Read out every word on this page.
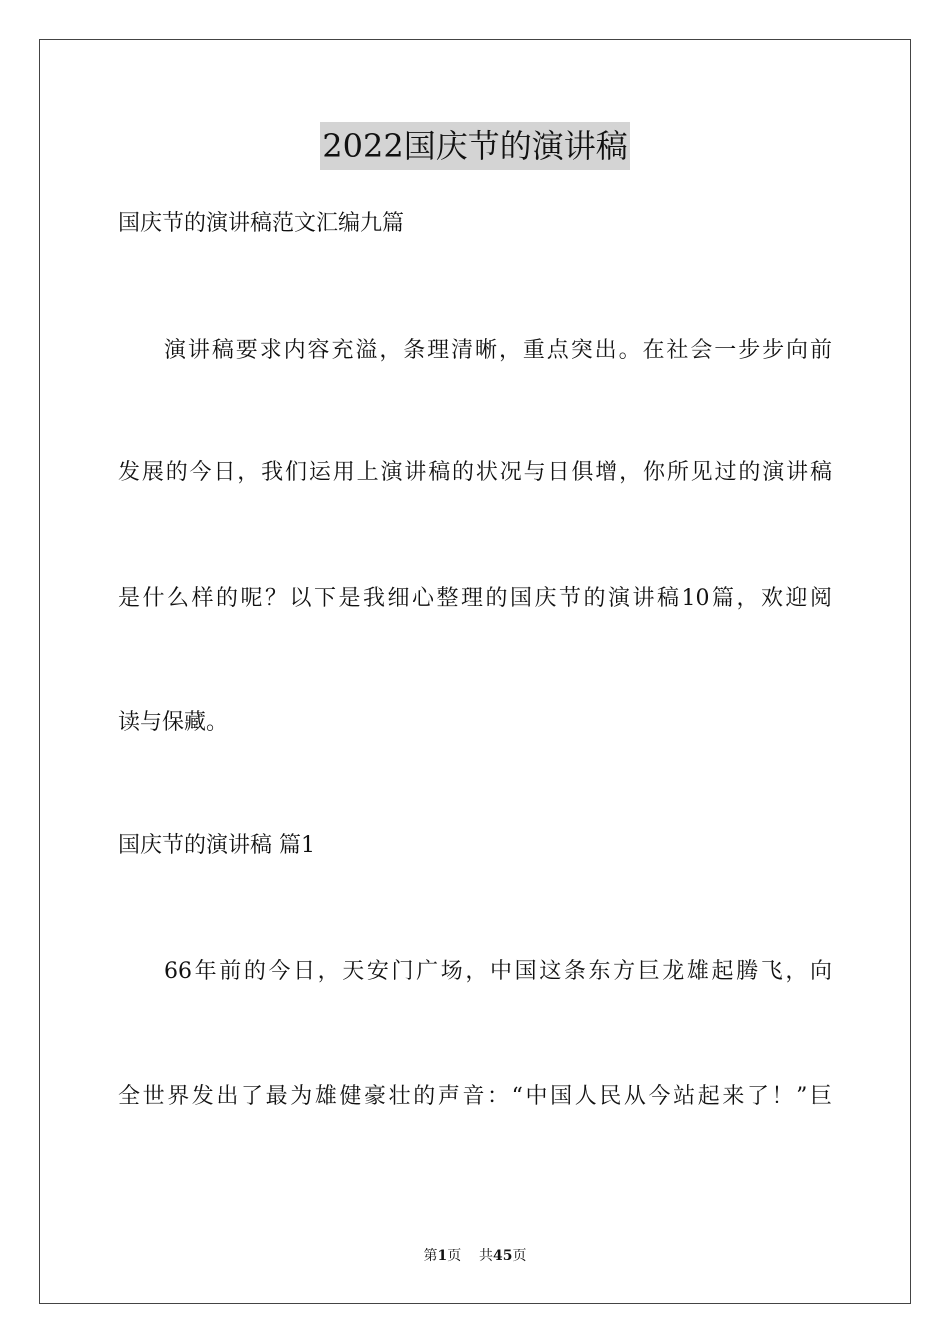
2022国庆节的演讲稿
国庆节的演讲稿范文汇编九篇
演讲稿要求内容充溢，条理清晰，重点突出。在社会一步步向前
发展的今日，我们运用上演讲稿的状况与日俱增，你所见过的演讲稿
是什么样的呢？以下是我细心整理的国庆节的演讲稿10篇，欢迎阅
读与保藏。
国庆节的演讲稿 篇1
66年前的今日，天安门广场，中国这条东方巨龙雄起腾飞，向
全世界发出了最为雄健豪壮的声音：“中国人民从今站起来了！”巨
第1页 共45页
